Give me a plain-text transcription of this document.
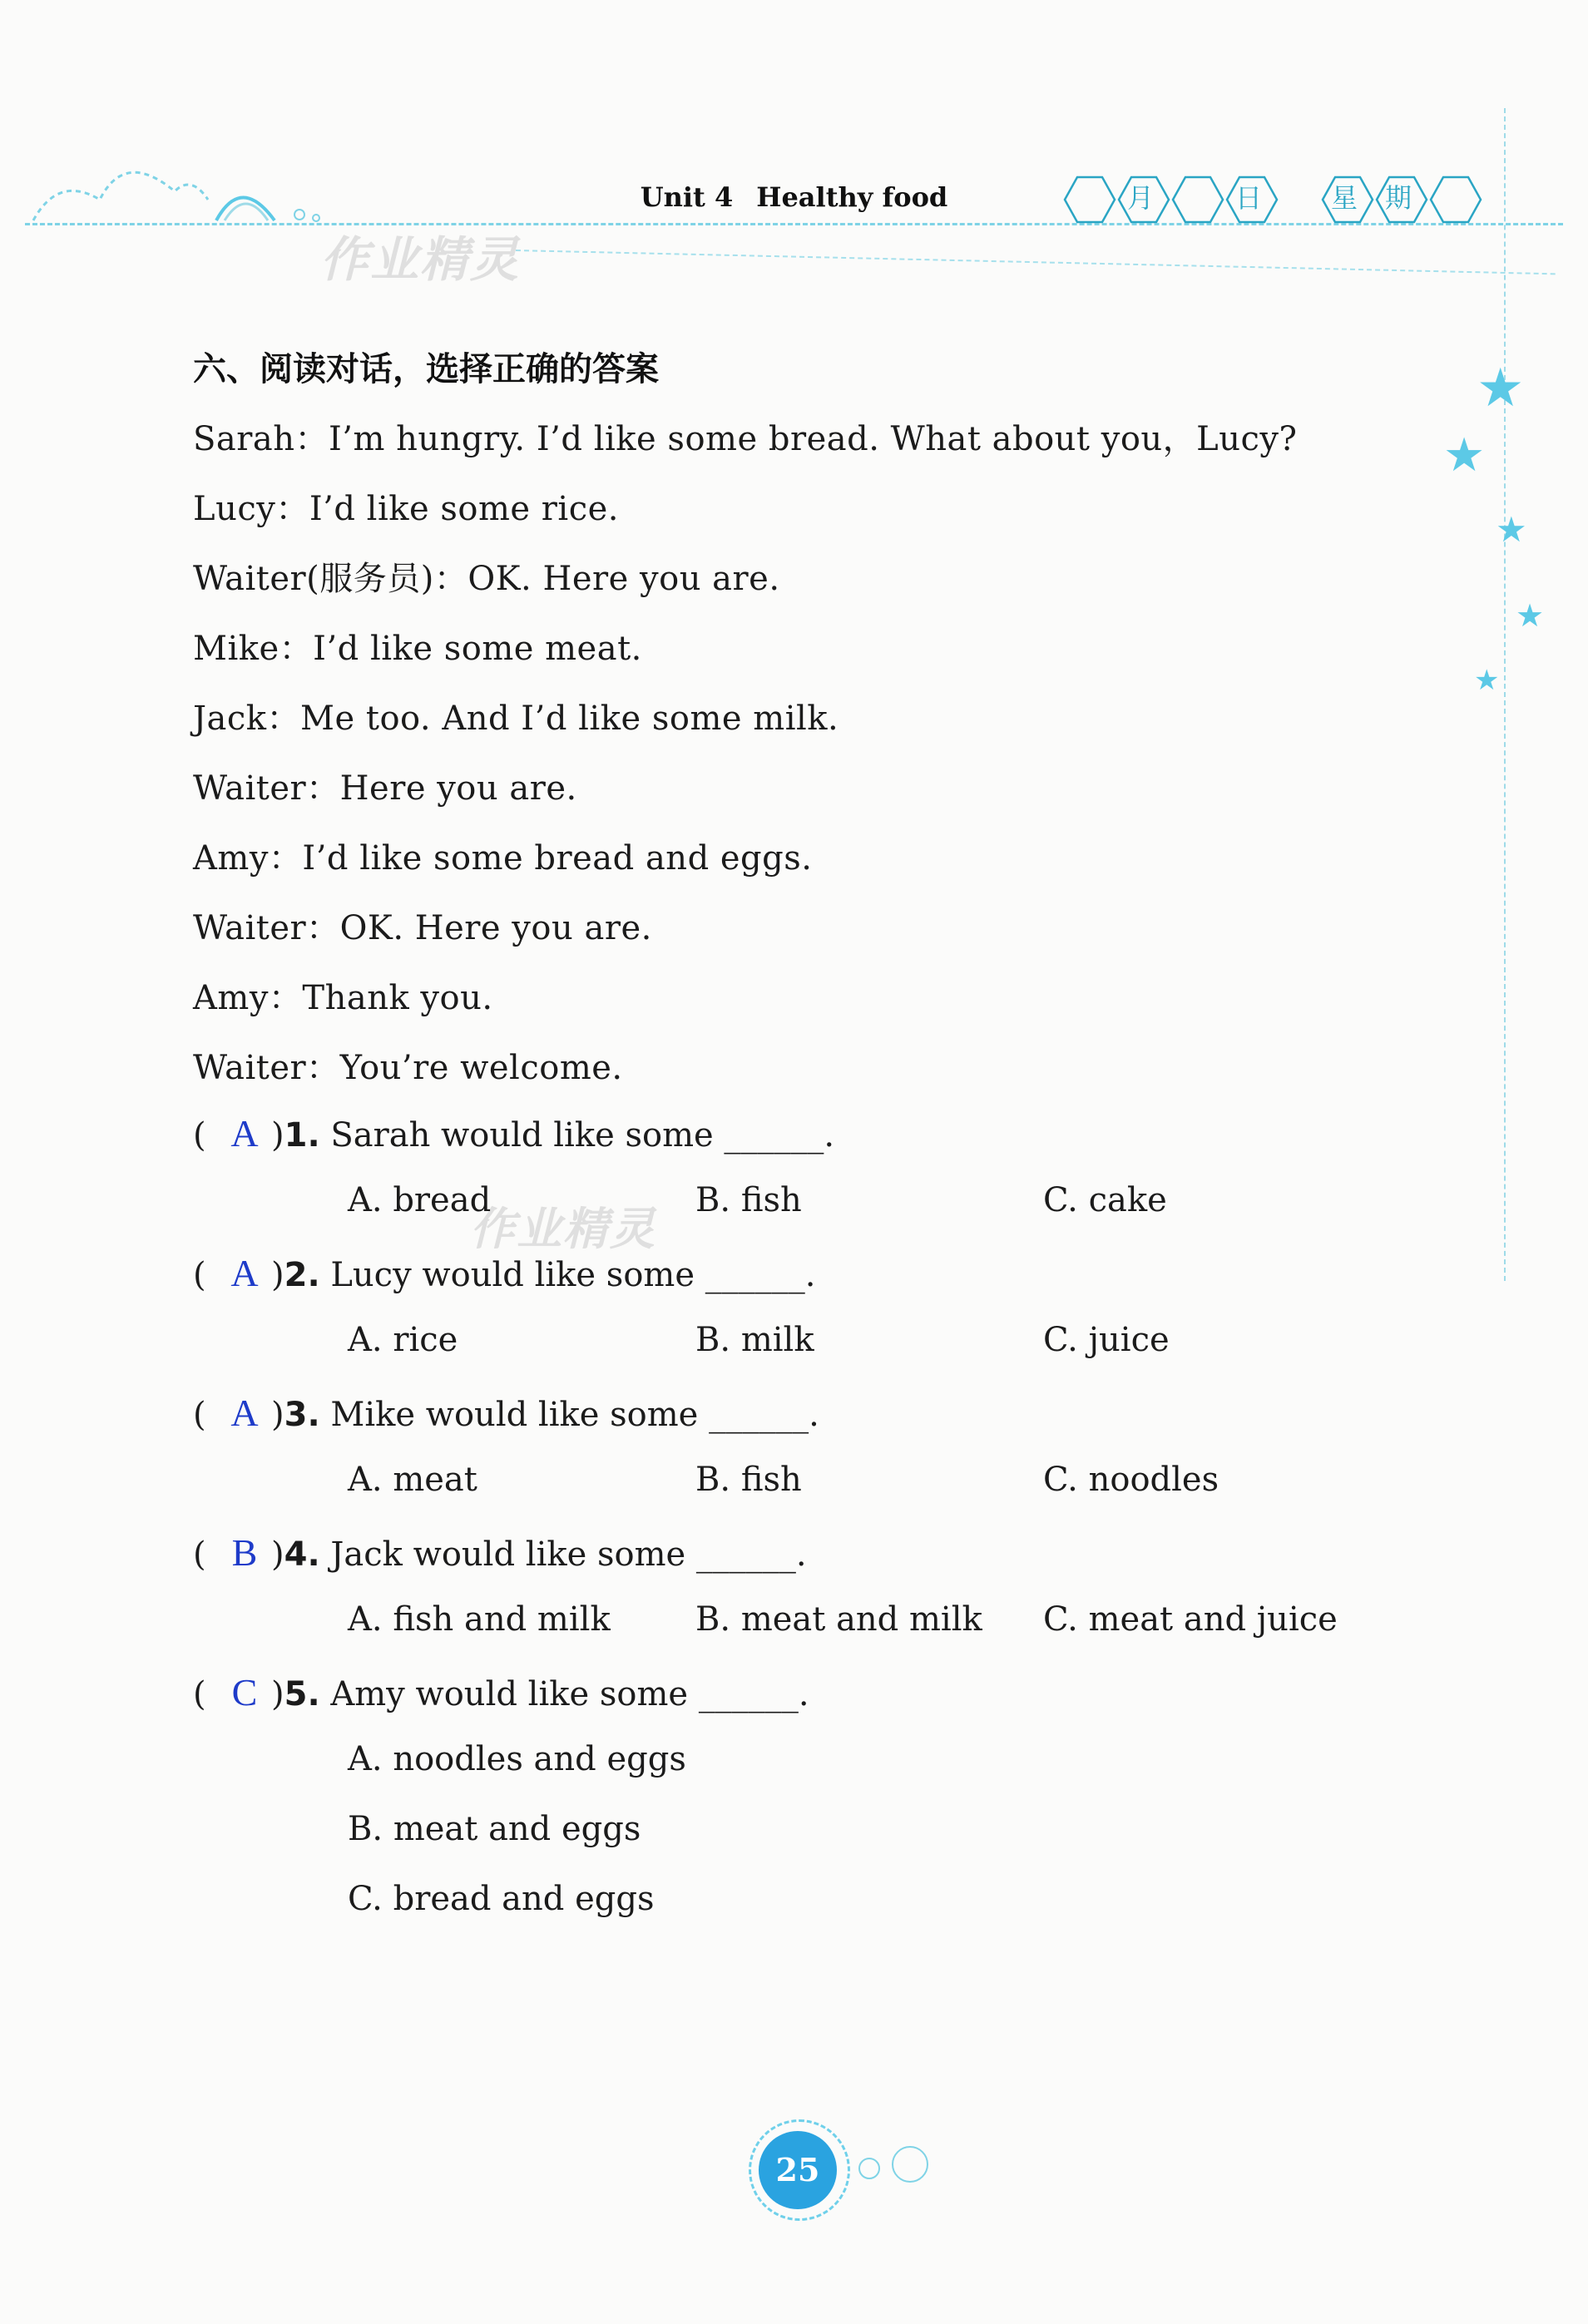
Unit 4 Healthy food	月	日	星 期
作业精灵
作业精灵
★
★
★
★
★
六、阅读对话，选择正确的答案
Sarah：I’m hungry. I’d like some bread. What about you，Lucy?
Lucy：I’d like some rice.
Waiter(服务员)：OK. Here you are.
Mike：I’d like some meat.
Jack：Me too. And I’d like some milk.
Waiter：Here you are.
Amy：I’d like some bread and eggs.
Waiter：OK. Here you are.
Amy：Thank you.
Waiter：You’re welcome.
( A )1. Sarah would like some ______.
A. bread	B. fish	C. cake
( A )2. Lucy would like some ______.
A. rice	B. milk	C. juice
( A )3. Mike would like some ______.
A. meat	B. fish	C. noodles
( B )4. Jack would like some ______.
A. fish and milk	B. meat and milk C. meat and juice
( C )5. Amy would like some ______.
A. noodles and eggs
B. meat and eggs
C. bread and eggs
25
